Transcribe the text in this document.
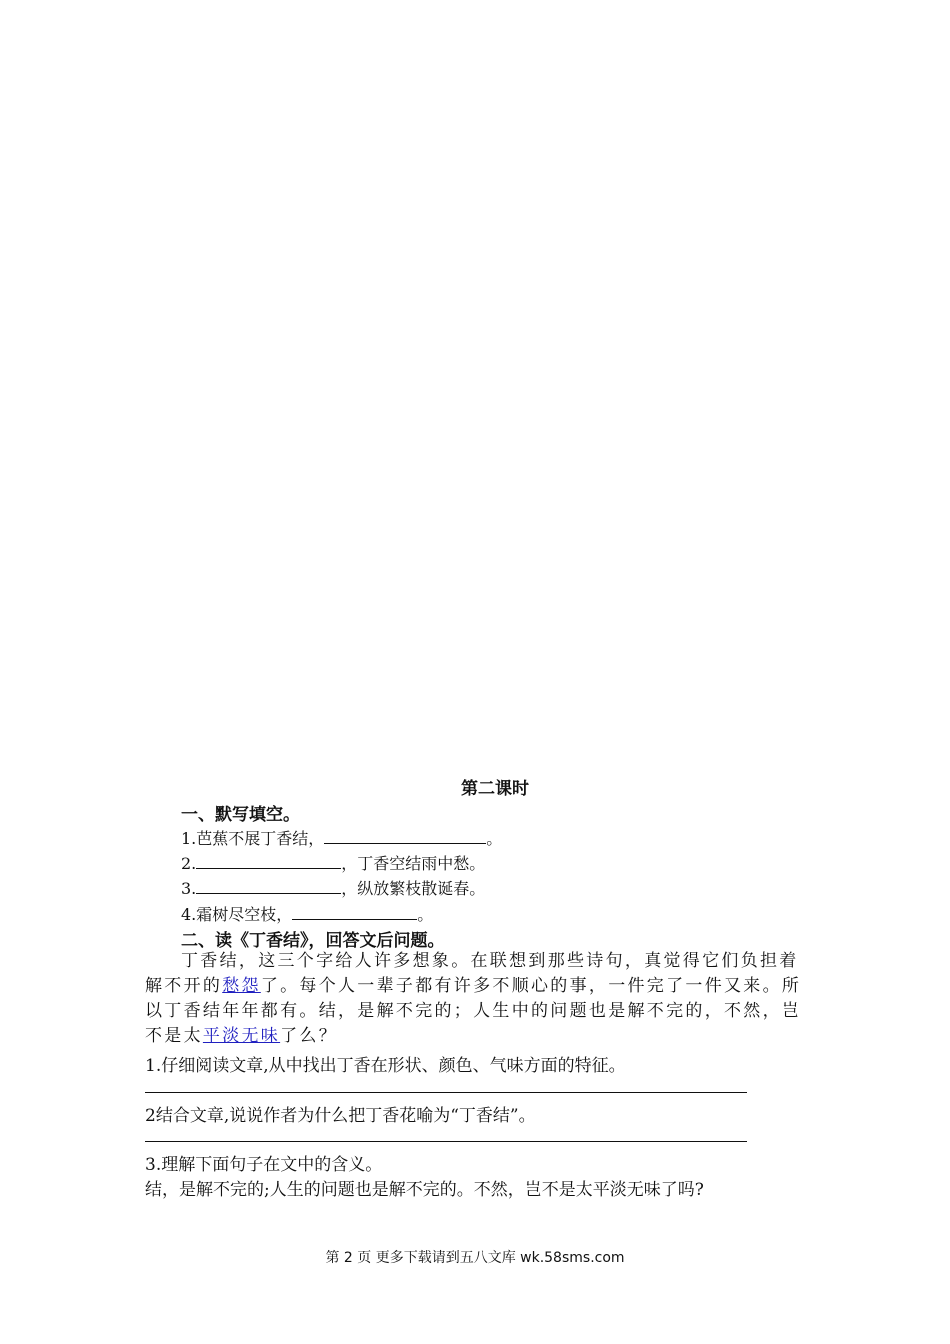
第二课时
一、默写填空。
1.芭蕉不展丁香结，	。
2.	，丁香空结雨中愁。
3.	，纵放繁枝散诞春。
4.霜树尽空枝，	。
二、读《丁香结》，回答文后问题。
丁香结，这三个字给人许多想象。在联想到那些诗句，真觉得它们负担着解不开的愁怨了。每个人一辈子都有许多不顺心的事，一件完了一件又来。所以丁香结年年都有。结，是解不完的；人生中的问题也是解不完的，不然，岂不是太平淡无味了么？
1.仔细阅读文章,从中找出丁香在形状、颜色、气味方面的特征。
2结合文章,说说作者为什么把丁香花喻为“丁香结”。
3.理解下面句子在文中的含义。
结，是解不完的;人生的问题也是解不完的。不然，岂不是太平淡无味了吗?
第 2 页 更多下载请到五八文库 wk.58sms.com
